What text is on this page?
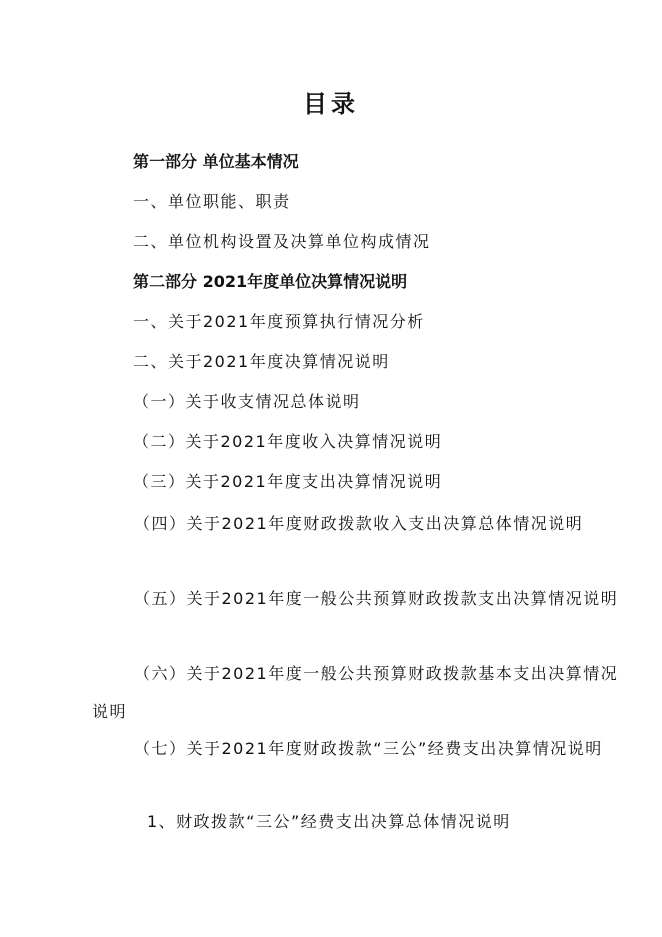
目录
第一部分 单位基本情况
一、单位职能、职责
二、单位机构设置及决算单位构成情况
第二部分 2021年度单位决算情况说明
一、关于2021年度预算执行情况分析
二、关于2021年度决算情况说明
（一）关于收支情况总体说明
（二）关于2021年度收入决算情况说明
（三）关于2021年度支出决算情况说明
（四）关于2021年度财政拨款收入支出决算总体情况说明
（五）关于2021年度一般公共预算财政拨款支出决算情况说明
（六）关于2021年度一般公共预算财政拨款基本支出决算情况说明
（七）关于2021年度财政拨款“三公”经费支出决算情况说明
1、财政拨款“三公”经费支出决算总体情况说明
